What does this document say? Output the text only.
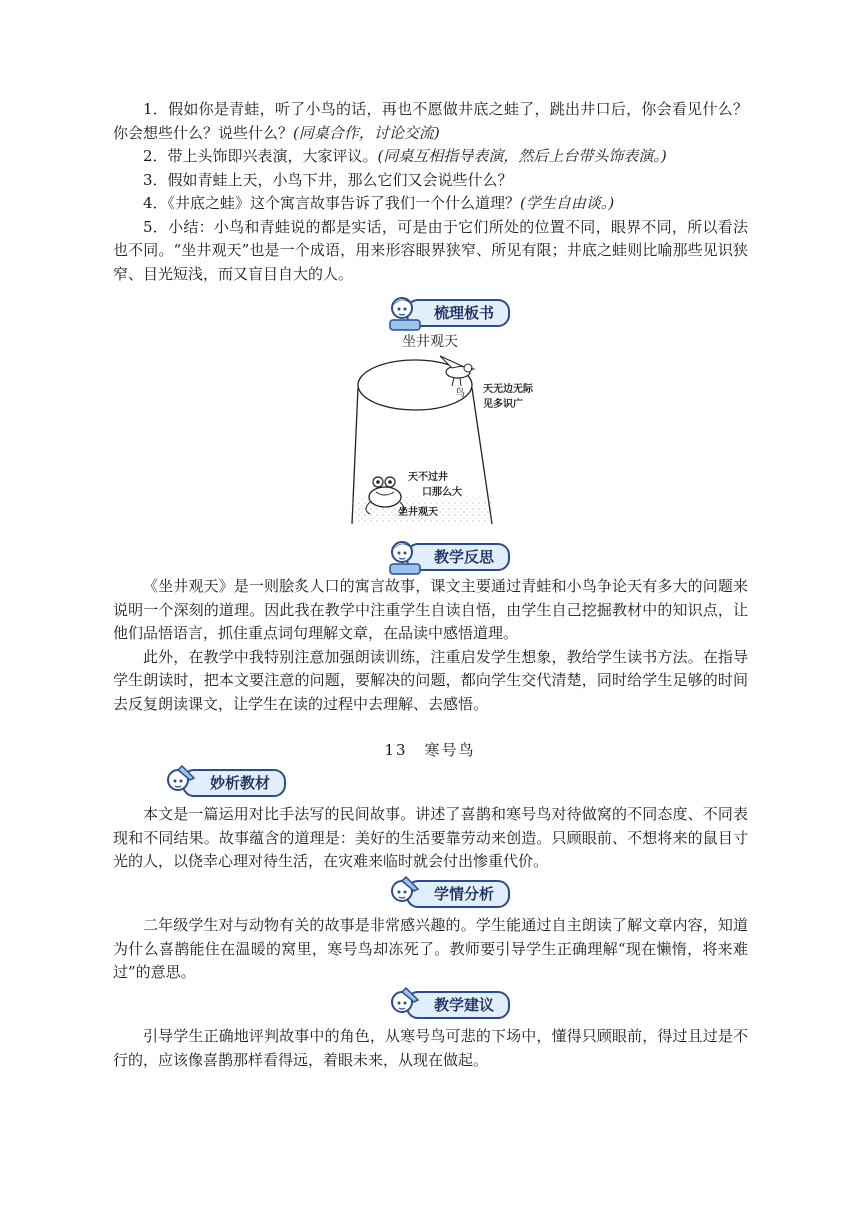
1．假如你是青蛙，听了小鸟的话，再也不愿做井底之蛙了，跳出井口后，你会看见什么？你会想些什么？说些什么？(同桌合作，讨论交流)

2．带上头饰即兴表演，大家评议。(同桌互相指导表演，然后上台带头饰表演。)

3．假如青蛙上天，小鸟下井，那么它们又会说些什么？

4．《井底之蛙》这个寓言故事告诉了我们一个什么道理？(学生自由谈。)

5．小结：小鸟和青蛙说的都是实话，可是由于它们所处的位置不同，眼界不同，所以看法也不同。“坐井观天”也是一个成语，用来形容眼界狭窄、所见有限；井底之蛙则比喻那些见识狭窄、目光短浅，而又盲目自大的人。

梳理板书
坐井观天
鸟 天无边无际
见多识广
天不过井
口那么大
坐井观天
教学反思

《坐井观天》是一则脍炙人口的寓言故事，课文主要通过青蛙和小鸟争论天有多大的问题来说明一个深刻的道理。因此我在教学中注重学生自读自悟，由学生自己挖掘教材中的知识点，让他们品悟语言，抓住重点词句理解文章，在品读中感悟道理。

此外，在教学中我特别注意加强朗读训练，注重启发学生想象，教给学生读书方法。在指导学生朗读时，把本文要注意的问题，要解决的问题，都向学生交代清楚，同时给学生足够的时间去反复朗读课文，让学生在读的过程中去理解、去感悟。

13　寒号鸟
妙析教材

本文是一篇运用对比手法写的民间故事。讲述了喜鹊和寒号鸟对待做窝的不同态度、不同表现和不同结果。故事蕴含的道理是：美好的生活要靠劳动来创造。只顾眼前、不想将来的鼠目寸光的人，以侥幸心理对待生活，在灾难来临时就会付出惨重代价。

学情分析

二年级学生对与动物有关的故事是非常感兴趣的。学生能通过自主朗读了解文章内容，知道为什么喜鹊能住在温暖的窝里，寒号鸟却冻死了。教师要引导学生正确理解“现在懒惰，将来难过”的意思。

教学建议

引导学生正确地评判故事中的角色，从寒号鸟可悲的下场中，懂得只顾眼前，得过且过是不行的，应该像喜鹊那样看得远，着眼未来，从现在做起。
